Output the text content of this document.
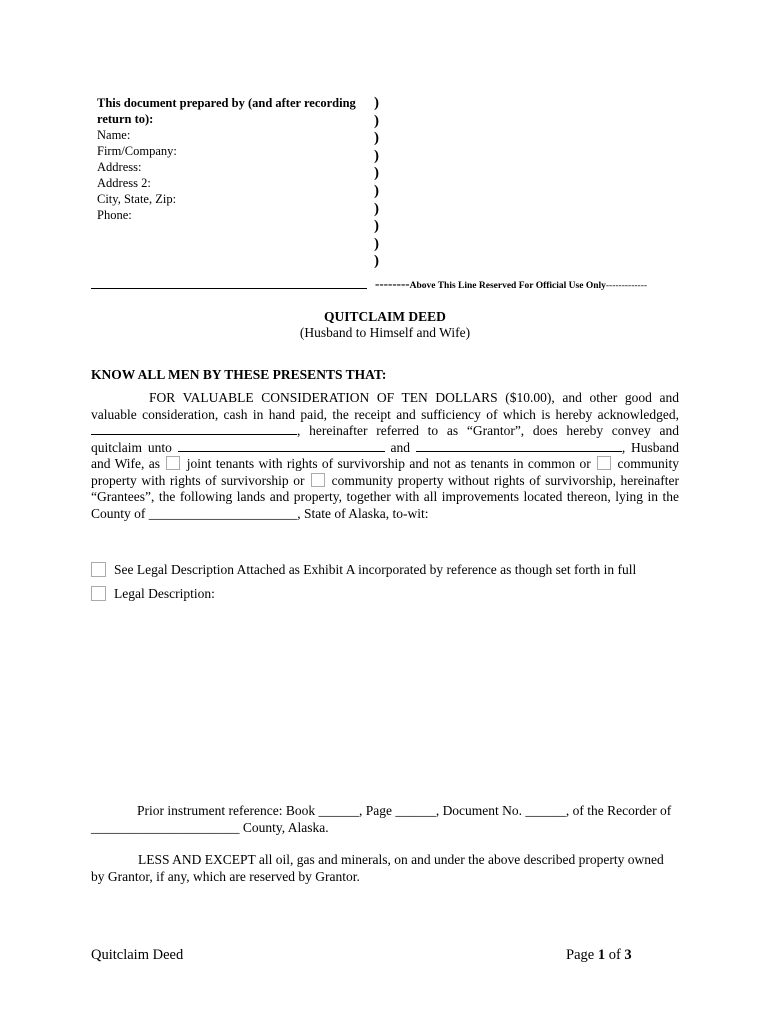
This document prepared by (and after recording return to):
Name:
Firm/Company:
Address:
Address 2:
City, State, Zip:
Phone:
)
)
)
)
)
)
)
)
)
)
--------Above This Line Reserved For Official Use Only-------------
QUITCLAIM DEED
(Husband to Himself and Wife)
KNOW ALL MEN BY THESE PRESENTS THAT:
FOR VALUABLE CONSIDERATION OF TEN DOLLARS ($10.00), and other good and valuable consideration, cash in hand paid, the receipt and sufficiency of which is hereby acknowledged, , hereinafter referred to as “Grantor”, does hereby convey and quitclaim unto	and	, Husband and Wife, as joint tenants with rights of survivorship and not as tenants in common or community property with rights of survivorship or community property without rights of survivorship, hereinafter “Grantees”, the following lands and property, together with all improvements located thereon, lying in the County of ______________________, State of Alaska, to-wit:
See Legal Description Attached as Exhibit A incorporated by reference as though set forth in full
Legal Description:
Prior instrument reference: Book ______, Page ______, Document No. ______, of the Recorder of ______________________ County, Alaska.
LESS AND EXCEPT all oil, gas and minerals, on and under the above described property owned by Grantor, if any, which are reserved by Grantor.
Quitclaim Deed	Page 1 of 3
